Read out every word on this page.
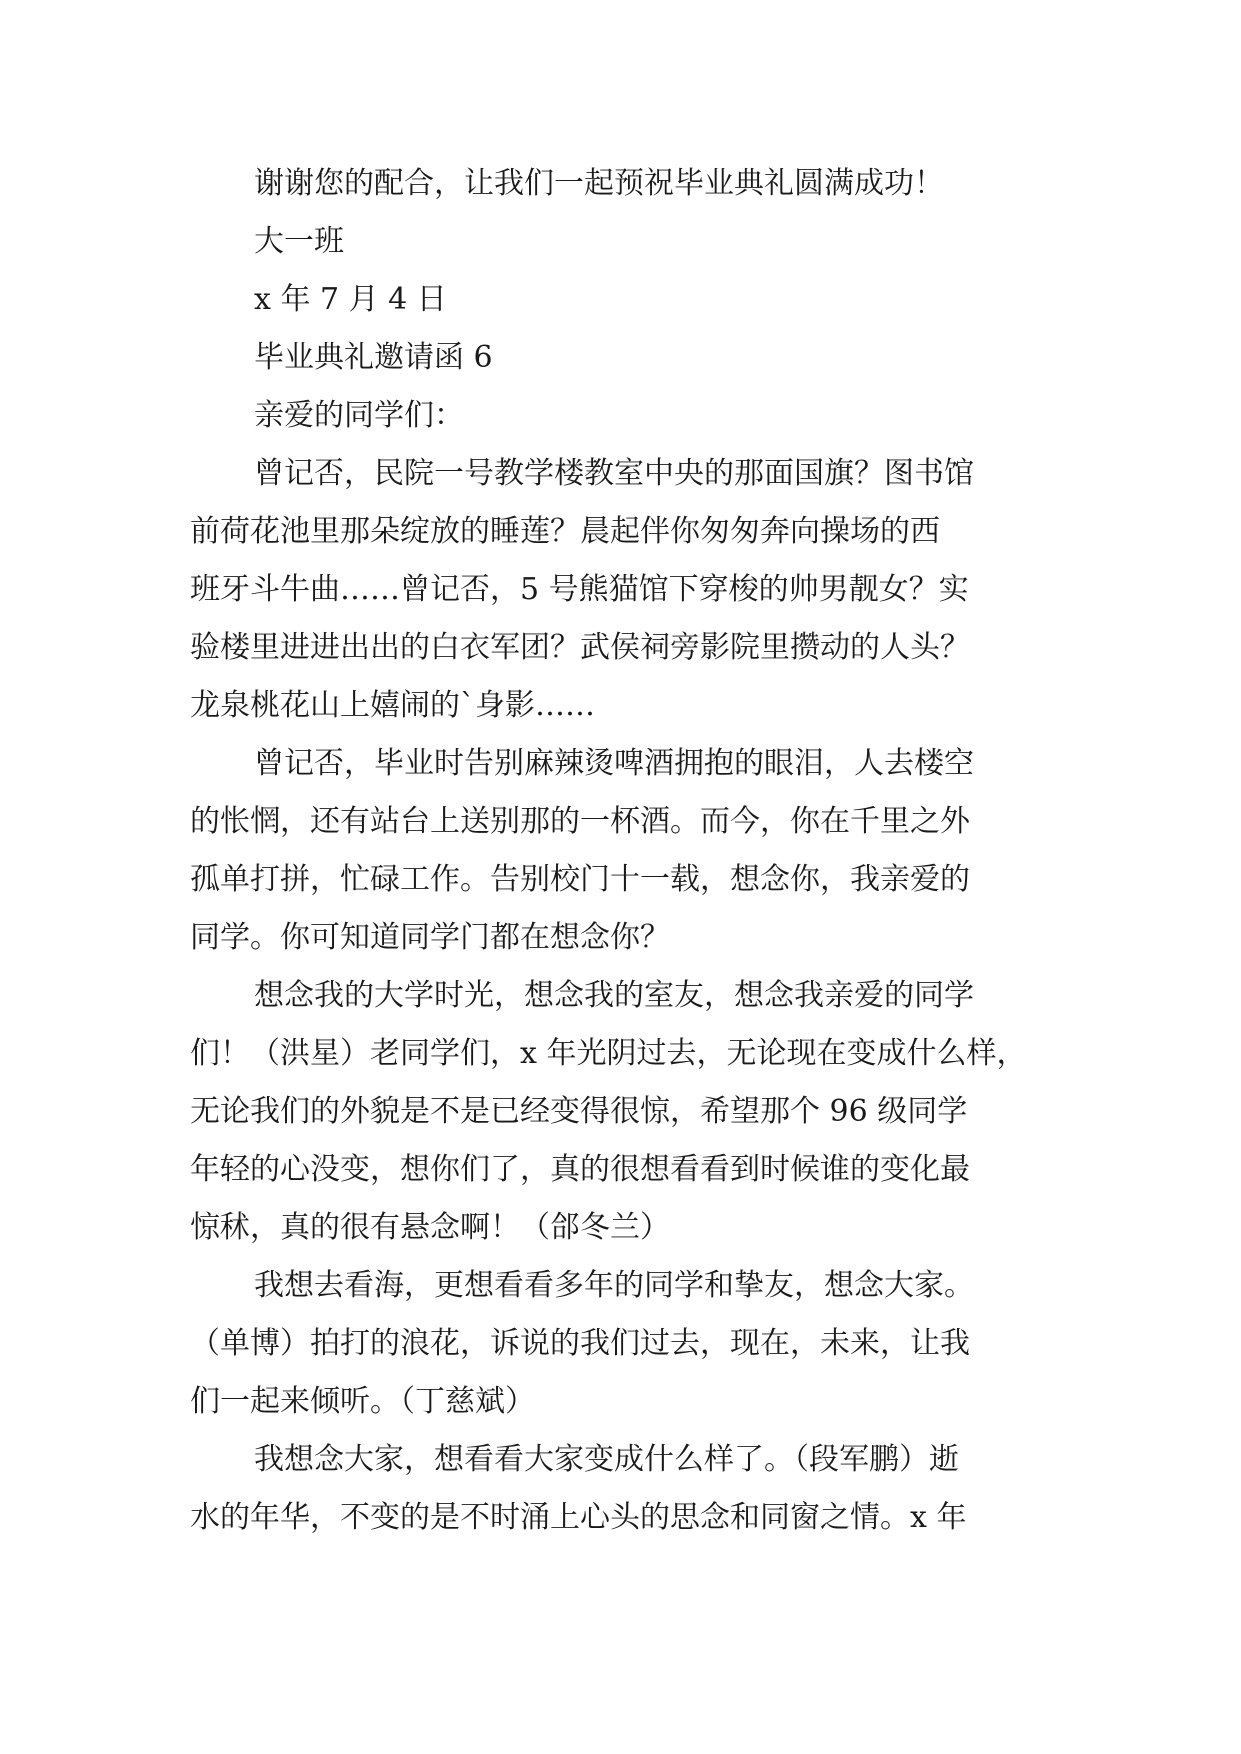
谢谢您的配合，让我们一起预祝毕业典礼圆满成功！
大一班
x 年 7 月 4 日
毕业典礼邀请函 6
亲爱的同学们：
曾记否，民院一号教学楼教室中央的那面国旗？图书馆
前荷花池里那朵绽放的睡莲？晨起伴你匆匆奔向操场的西
班牙斗牛曲……曾记否，5 号熊猫馆下穿梭的帅男靓女？实
验楼里进进出出的白衣军团？武侯祠旁影院里攒动的人头？
龙泉桃花山上嬉闹的`身影……
曾记否，毕业时告别麻辣烫啤酒拥抱的眼泪，人去楼空
的怅惘，还有站台上送别那的一杯酒。而今，你在千里之外
孤单打拼，忙碌工作。告别校门十一载，想念你，我亲爱的
同学。你可知道同学门都在想念你？
想念我的大学时光，想念我的室友，想念我亲爱的同学
们！（洪星）老同学们，x 年光阴过去，无论现在变成什么样，
无论我们的外貌是不是已经变得很惊，希望那个 96 级同学
年轻的心没变，想你们了，真的很想看看到时候谁的变化最
惊秫，真的很有悬念啊！（郃冬兰）
我想去看海，更想看看多年的同学和挚友，想念大家。
（单博）拍打的浪花，诉说的我们过去，现在，未来，让我
们一起来倾听。（丁慈斌）
我想念大家，想看看大家变成什么样了。（段军鹏）逝
水的年华，不变的是不时涌上心头的思念和同窗之情。x 年
